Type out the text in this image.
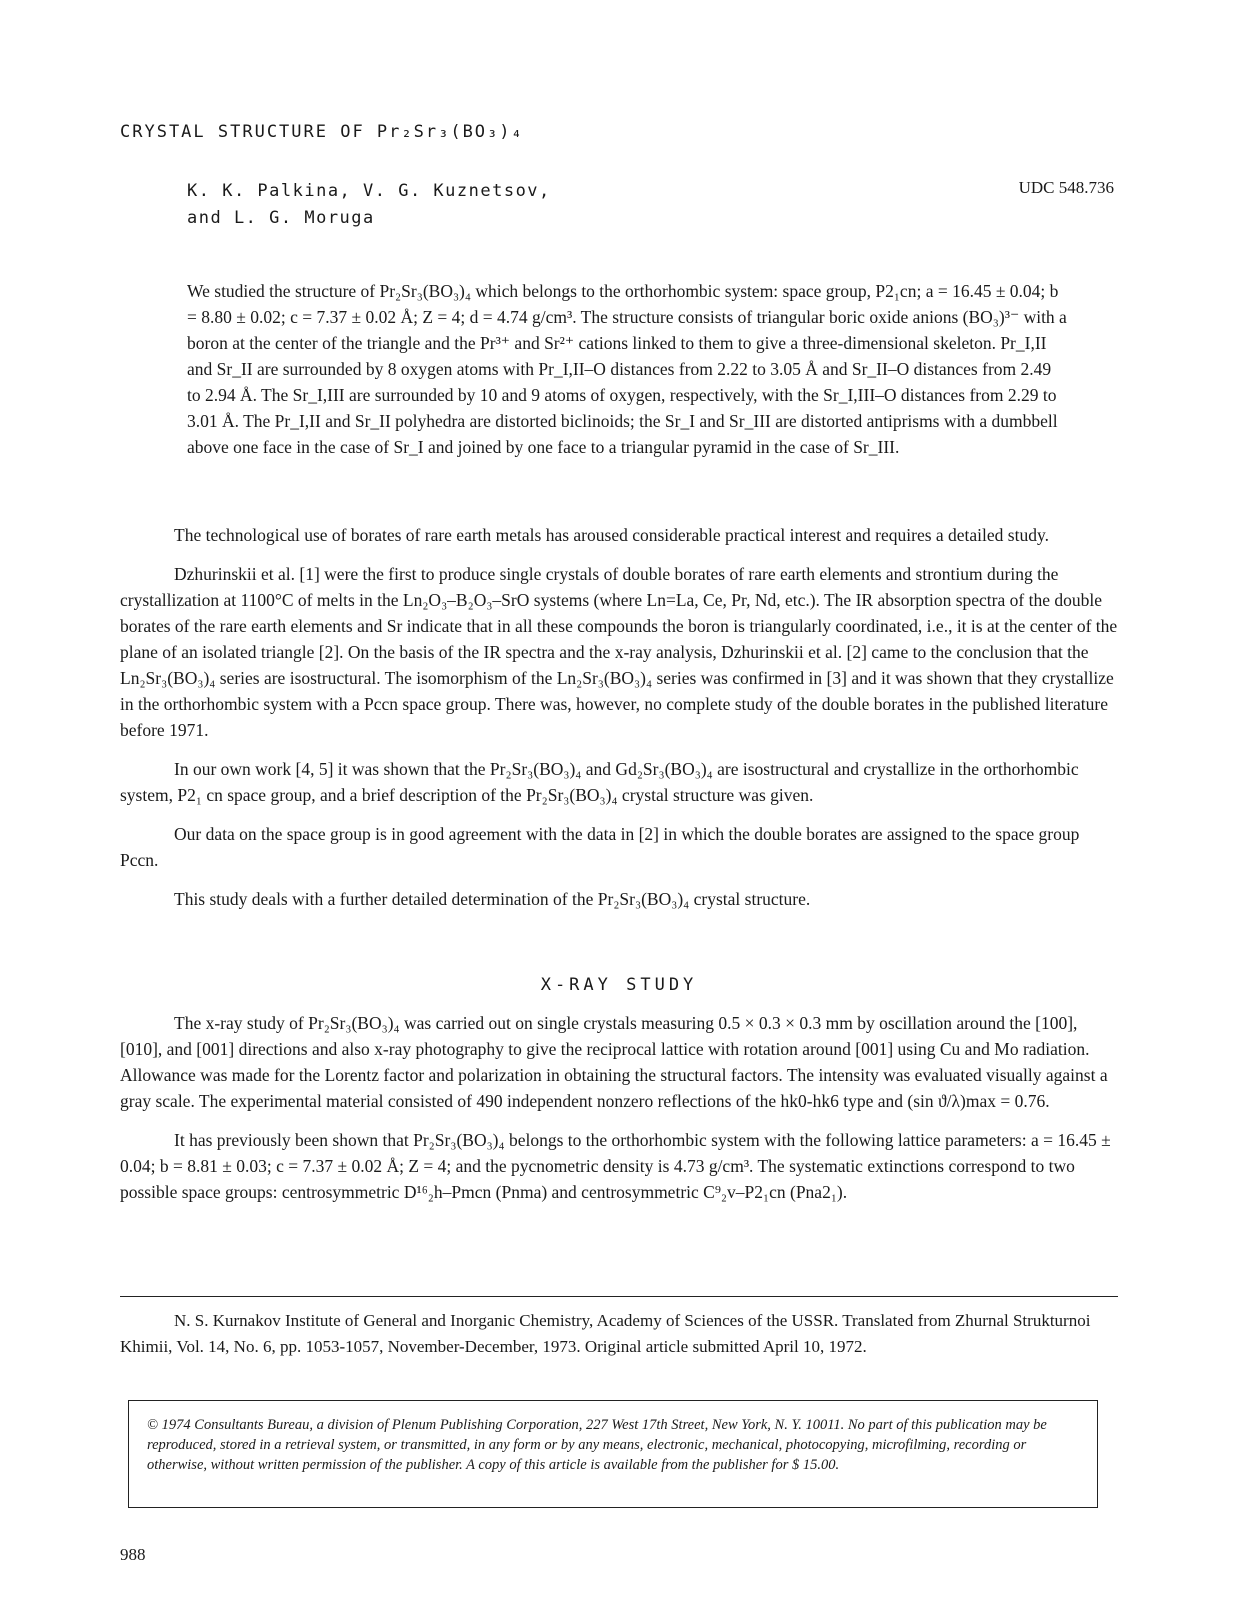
CRYSTAL STRUCTURE OF Pr₂Sr₃(BO₃)₄
K. K. Palkina, V. G. Kuznetsov,
and L. G. Moruga
UDC 548.736
We studied the structure of Pr₂Sr₃(BO₃)₄ which belongs to the orthorhombic system: space group, P2₁cn; a = 16.45 ± 0.04; b = 8.80 ± 0.02; c = 7.37 ± 0.02 Å; Z = 4; d = 4.74 g/cm³. The structure consists of triangular boric oxide anions (BO₃)³⁻ with a boron at the center of the triangle and the Pr³⁺ and Sr²⁺ cations linked to them to give a three-dimensional skeleton. Pr_I,II and Sr_II are surrounded by 8 oxygen atoms with Pr_I,II–O distances from 2.22 to 3.05 Å and Sr_II–O distances from 2.49 to 2.94 Å. The Sr_I,III are surrounded by 10 and 9 atoms of oxygen, respectively, with the Sr_I,III–O distances from 2.29 to 3.01 Å. The Pr_I,II and Sr_II polyhedra are distorted biclinoids; the Sr_I and Sr_III are distorted antiprisms with a dumbbell above one face in the case of Sr_I and joined by one face to a triangular pyramid in the case of Sr_III.

The technological use of borates of rare earth metals has aroused considerable practical interest and requires a detailed study.

Dzhurinskii et al. [1] were the first to produce single crystals of double borates of rare earth elements and strontium during the crystallization at 1100°C of melts in the Ln₂O₃–B₂O₃–SrO systems (where Ln=La, Ce, Pr, Nd, etc.). The IR absorption spectra of the double borates of the rare earth elements and Sr indicate that in all these compounds the boron is triangularly coordinated, i.e., it is at the center of the plane of an isolated triangle [2]. On the basis of the IR spectra and the x-ray analysis, Dzhurinskii et al. [2] came to the conclusion that the Ln₂Sr₃(BO₃)₄ series are isostructural. The isomorphism of the Ln₂Sr₃(BO₃)₄ series was confirmed in [3] and it was shown that they crystallize in the orthorhombic system with a Pccn space group. There was, however, no complete study of the double borates in the published literature before 1971.

In our own work [4, 5] it was shown that the Pr₂Sr₃(BO₃)₄ and Gd₂Sr₃(BO₃)₄ are isostructural and crystallize in the orthorhombic system, P2₁ cn space group, and a brief description of the Pr₂Sr₃(BO₃)₄ crystal structure was given.

Our data on the space group is in good agreement with the data in [2] in which the double borates are assigned to the space group Pccn.

This study deals with a further detailed determination of the Pr₂Sr₃(BO₃)₄ crystal structure.

X-RAY STUDY

The x-ray study of Pr₂Sr₃(BO₃)₄ was carried out on single crystals measuring 0.5 × 0.3 × 0.3 mm by oscillation around the [100], [010], and [001] directions and also x-ray photography to give the reciprocal lattice with rotation around [001] using Cu and Mo radiation. Allowance was made for the Lorentz factor and polarization in obtaining the structural factors. The intensity was evaluated visually against a gray scale. The experimental material consisted of 490 independent nonzero reflections of the hk0-hk6 type and (sin ϑ/λ)max = 0.76.

It has previously been shown that Pr₂Sr₃(BO₃)₄ belongs to the orthorhombic system with the following lattice parameters: a = 16.45 ± 0.04; b = 8.81 ± 0.03; c = 7.37 ± 0.02 Å; Z = 4; and the pycnometric density is 4.73 g/cm³. The systematic extinctions correspond to two possible space groups: centrosymmetric D¹⁶₂h–Pmcn (Pnma) and centrosymmetric C⁹₂v–P2₁cn (Pna2₁).

N. S. Kurnakov Institute of General and Inorganic Chemistry, Academy of Sciences of the USSR. Translated from Zhurnal Strukturnoi Khimii, Vol. 14, No. 6, pp. 1053-1057, November-December, 1973. Original article submitted April 10, 1972.
© 1974 Consultants Bureau, a division of Plenum Publishing Corporation, 227 West 17th Street, New York, N. Y. 10011. No part of this publication may be reproduced, stored in a retrieval system, or transmitted, in any form or by any means, electronic, mechanical, photocopying, microfilming, recording or otherwise, without written permission of the publisher. A copy of this article is available from the publisher for $ 15.00.
988
